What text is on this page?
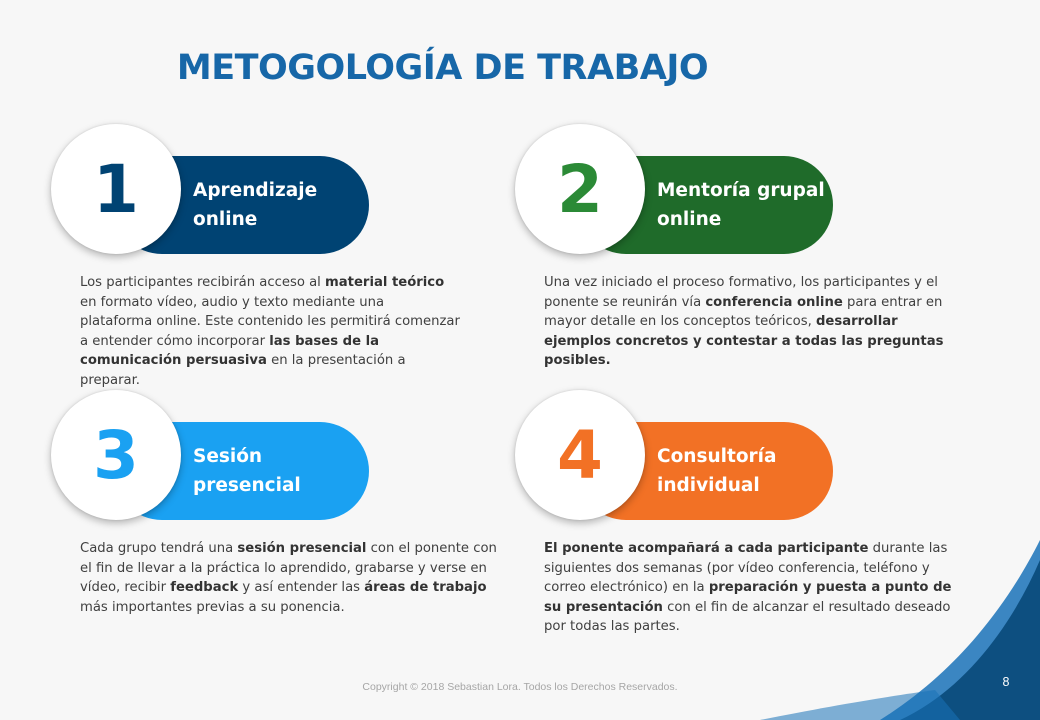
METOGOLOGÍA DE TRABAJO
Aprendizaje
online
1

Los participantes recibirán acceso al material teórico en formato vídeo, audio y texto mediante una plataforma online. Este contenido les permitirá comenzar a entender cómo incorporar las bases de la comunicación persuasiva en la presentación a preparar.

Mentoría grupal
online
2

Una vez iniciado el proceso formativo, los participantes y el ponente se reunirán vía conferencia online para entrar en mayor detalle en los conceptos teóricos, desarrollar ejemplos concretos y contestar a todas las preguntas posibles.

Sesión
presencial
3

Cada grupo tendrá una sesión presencial con el ponente con el fin de llevar a la práctica lo aprendido, grabarse y verse en vídeo, recibir feedback y así entender las áreas de trabajo más importantes previas a su ponencia.

Consultoría
individual
4

El ponente acompañará a cada participante durante las siguientes dos semanas (por vídeo conferencia, teléfono y correo electrónico) en la preparación y puesta a punto de su presentación con el fin de alcanzar el resultado deseado por todas las partes.

Copyright © 2018 Sebastian Lora. Todos los Derechos Reservados.	8
